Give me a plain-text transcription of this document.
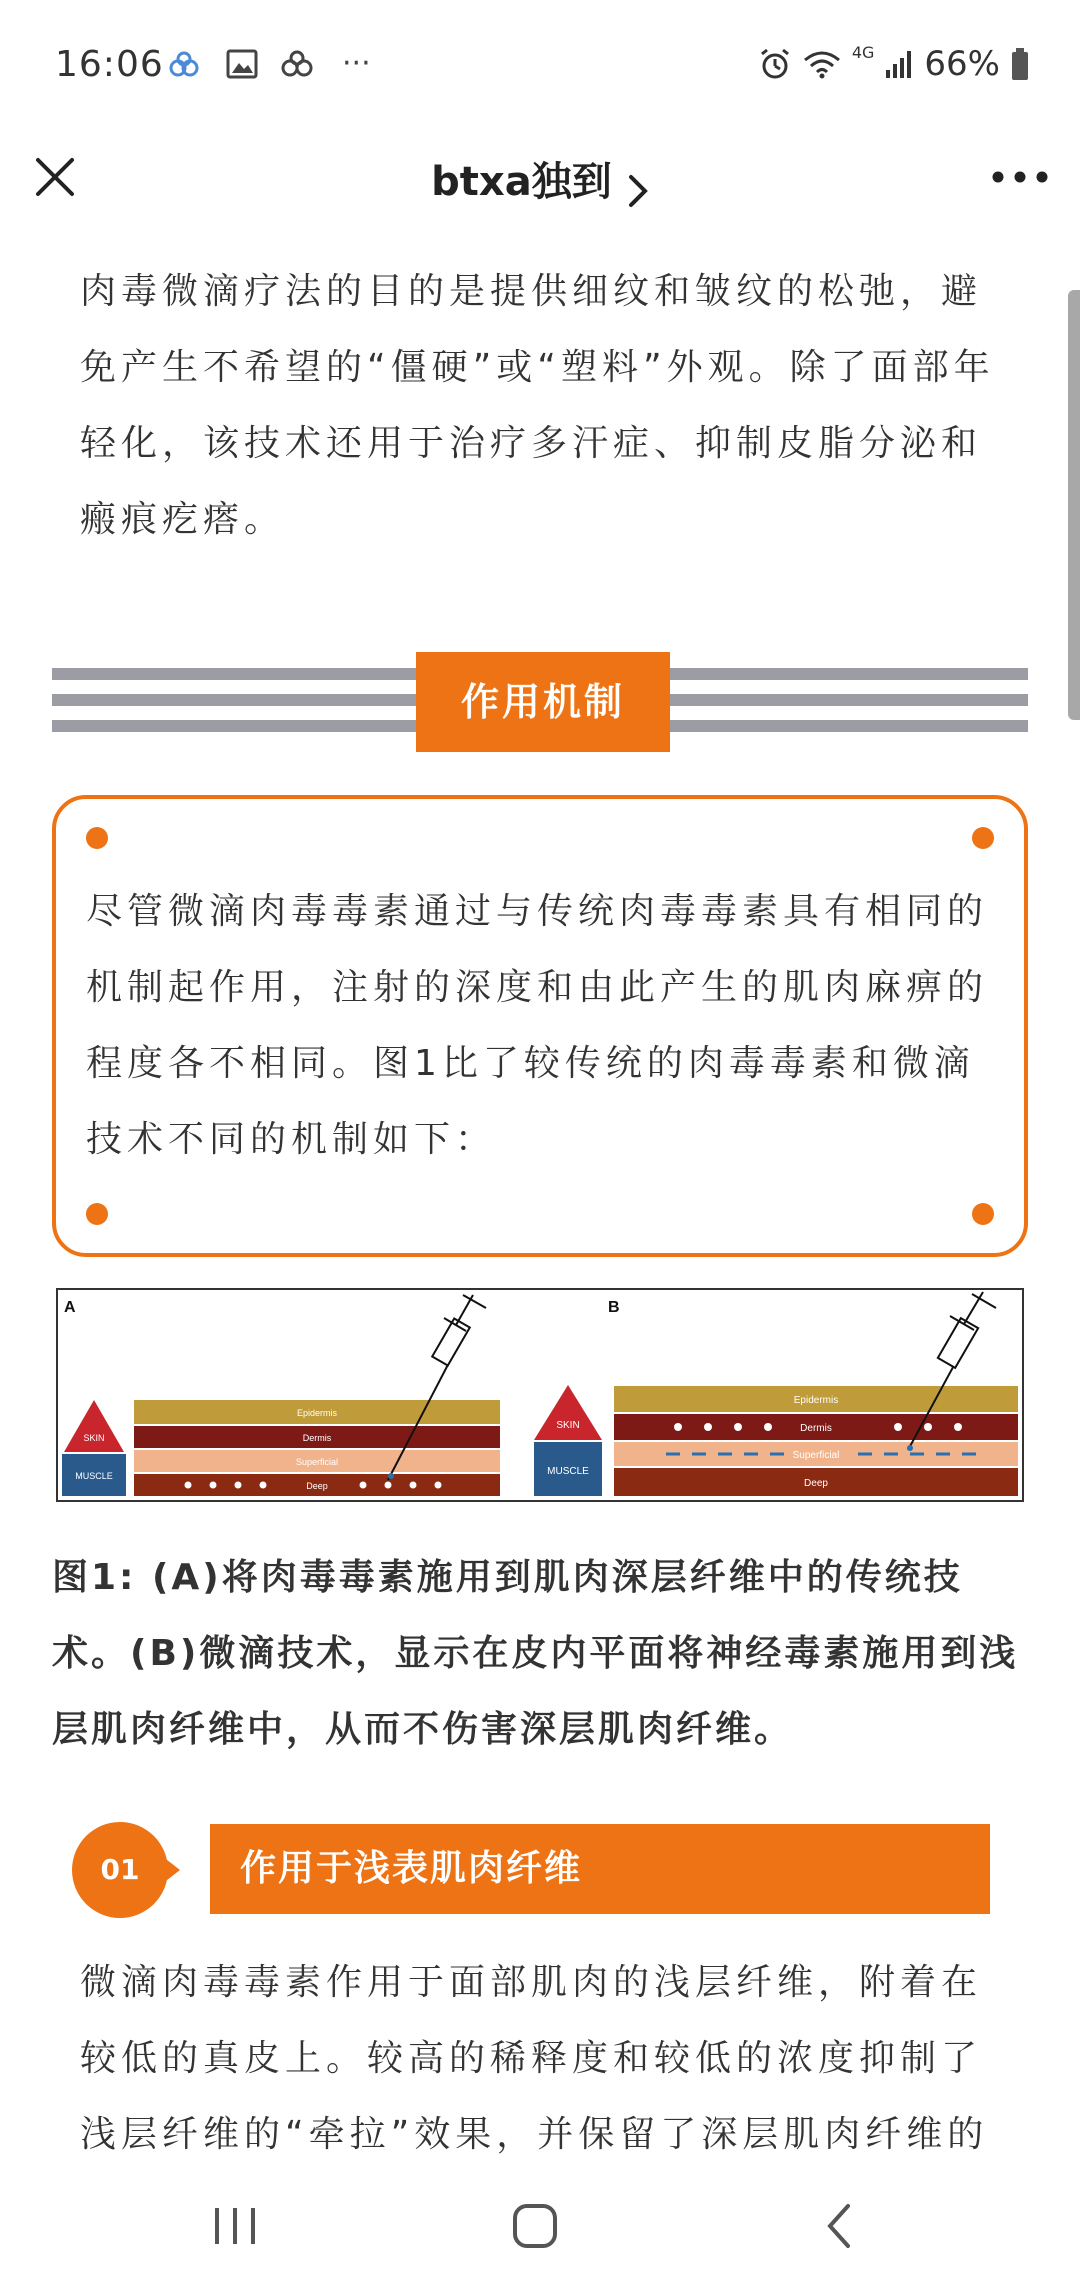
16:06	···	4G 66%
btxa独到
肉毒微滴疗法的目的是提供细纹和皱纹的松弛，避免产生不希望的“僵硬”或“塑料”外观。除了面部年轻化，该技术还用于治疗多汗症、抑制皮脂分泌和瘢痕疙瘩。
作用机制
尽管微滴肉毒毒素通过与传统肉毒毒素具有相同的机制起作用，注射的深度和由此产生的肌肉麻痹的程度各不相同。图1比了较传统的肉毒毒素和微滴技术不同的机制如下：
A
SKIN
MUSCLE
Epidermis
Dermis
Superficial
Deep
B
SKIN
MUSCLE
Epidermis
Dermis
Superficial
Deep
图1: (A)将肉毒毒素施用到肌肉深层纤维中的传统技术。(B)微滴技术，显示在皮内平面将神经毒素施用到浅层肌肉纤维中，从而不伤害深层肌肉纤维。
01	作用于浅表肌肉纤维
微滴肉毒毒素作用于面部肌肉的浅层纤维，附着在较低的真皮上。较高的稀释度和较低的浓度抑制了浅层纤维的“牵拉”效果，并保留了深层肌肉纤维的
